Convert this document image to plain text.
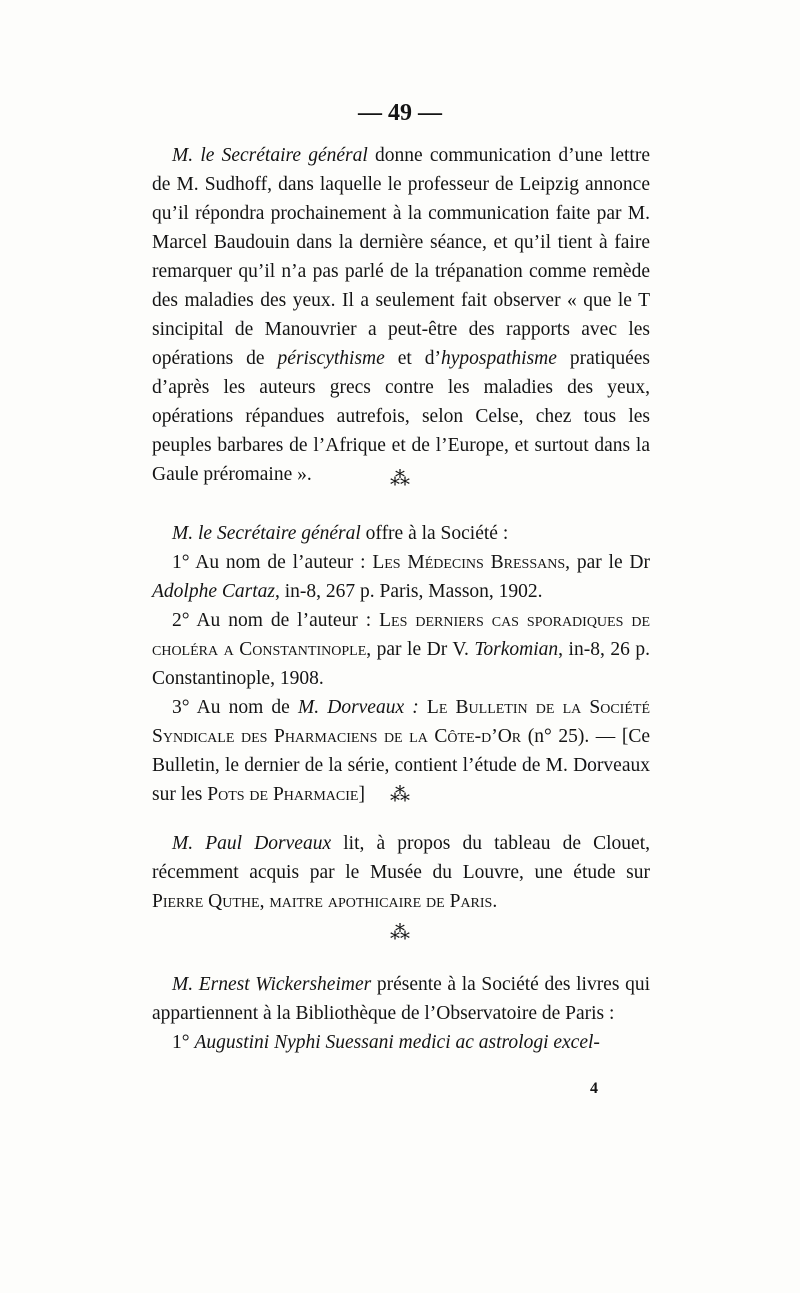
— 49 —

M. le Secrétaire général donne communication d’une lettre de M. Sudhoff, dans laquelle le professeur de Leipzig annonce qu’il répondra prochainement à la communication faite par M. Marcel Baudouin dans la dernière séance, et qu’il tient à faire remarquer qu’il n’a pas parlé de la trépanation comme remède des maladies des yeux. Il a seulement fait observer « que le T sincipital de Manouvrier a peut-être des rapports avec les opérations de périscythisme et d’hypospathisme pratiquées d’après les auteurs grecs contre les maladies des yeux, opérations répandues autrefois, selon Celse, chez tous les peuples barbares de l’Afrique et de l’Europe, et surtout dans la Gaule préromaine ».	⁂

M. le Secrétaire général offre à la Société :

1° Au nom de l’auteur : Les Médecins Bressans, par le Dr Adolphe Cartaz, in-8, 267 p. Paris, Masson, 1902.

2° Au nom de l’auteur : Les derniers cas sporadiques de choléra a Constantinople, par le Dr V. Torkomian, in-8, 26 p. Constantinople, 1908.

3° Au nom de M. Dorveaux : Le Bulletin de la Société Syndicale des Pharmaciens de la Côte-d’Or (n° 25). — [Ce Bulletin, le dernier de la série, contient l’étude de M. Dorveaux sur les Pots de Pharmacie]	⁂

M. Paul Dorveaux lit, à propos du tableau de Clouet, récemment acquis par le Musée du Louvre, une étude sur Pierre Quthe, maitre apothicaire de Paris.

⁂

M. Ernest Wickersheimer présente à la Société des livres qui appartiennent à la Bibliothèque de l’Observatoire de Paris :

1° Augustini Nyphi Suessani medici ac astrologi excel-

4
